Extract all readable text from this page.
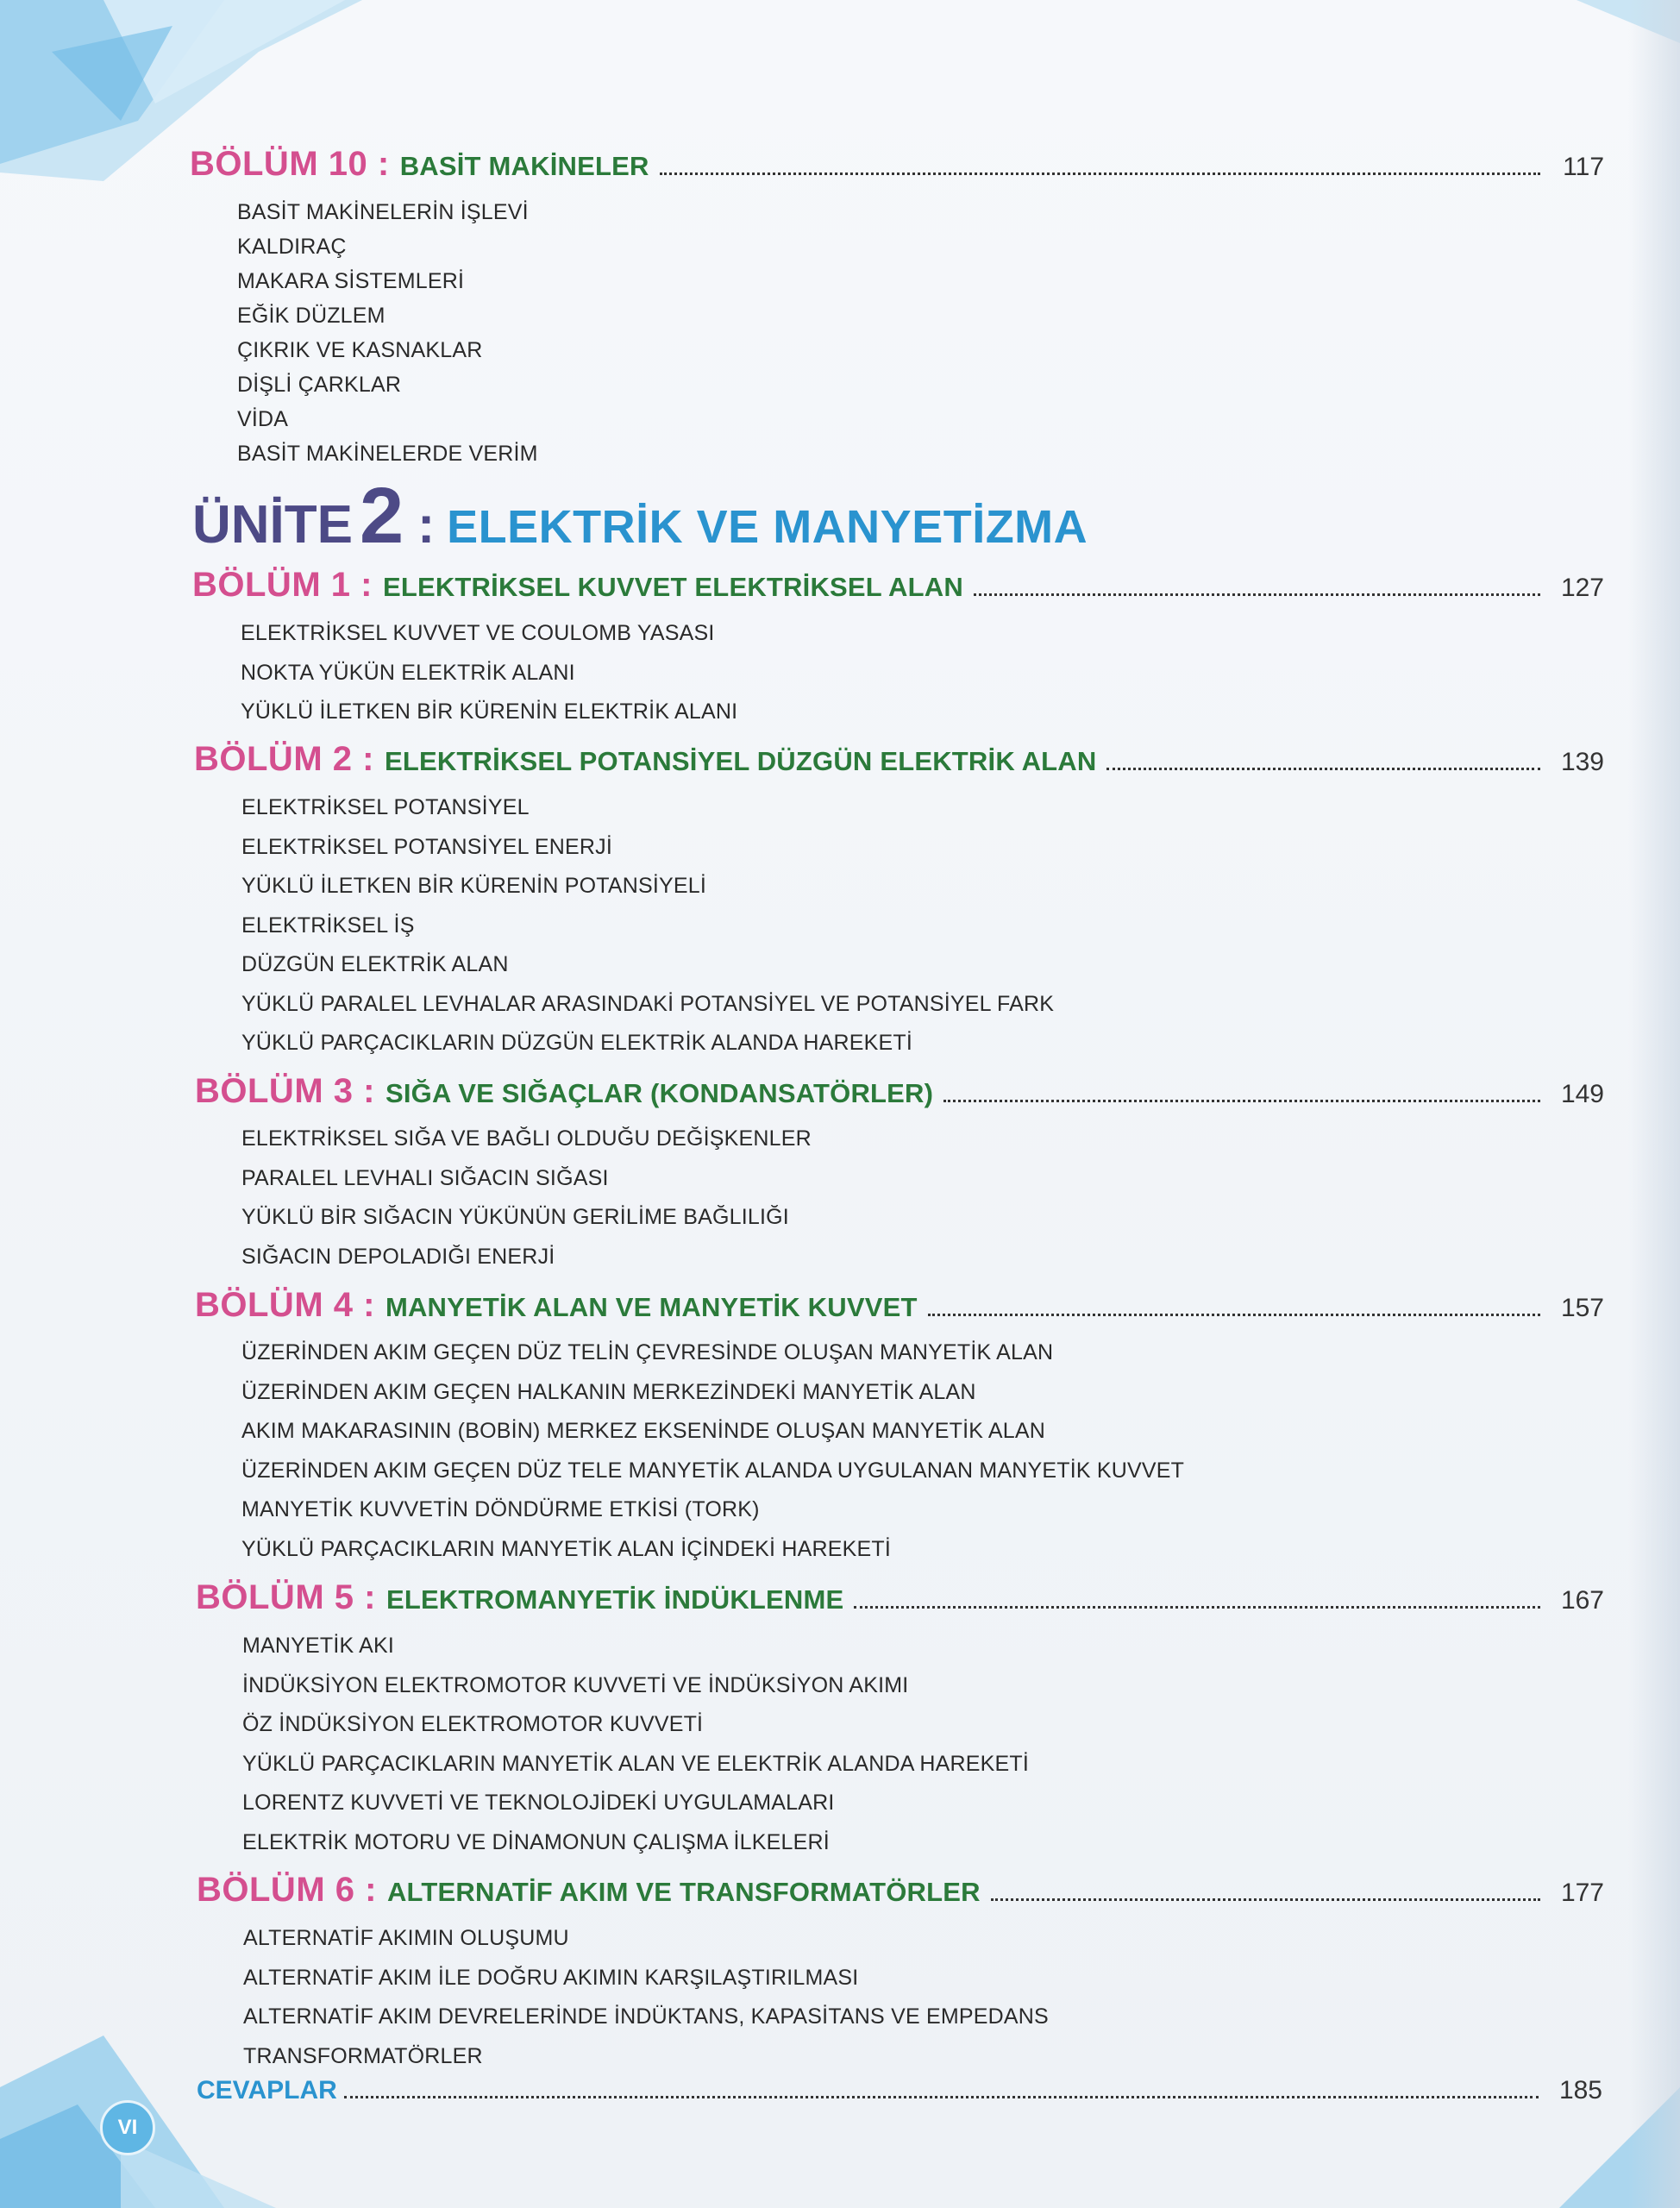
BÖLÜM 10 : BASİT MAKİNELER	117
BASİT MAKİNELERİN İŞLEVİ
KALDIRAÇ
MAKARA SİSTEMLERİ
EĞİK DÜZLEM
ÇIKRIK VE KASNAKLAR
DİŞLİ ÇARKLAR
VİDA
BASİT MAKİNELERDE VERİM
ÜNİTE 2 : ELEKTRİK VE MANYETİZMA
BÖLÜM 1 : ELEKTRİKSEL KUVVET ELEKTRİKSEL ALAN	127
ELEKTRİKSEL KUVVET VE COULOMB YASASI
NOKTA YÜKÜN ELEKTRİK ALANI
YÜKLÜ İLETKEN BİR KÜRENİN ELEKTRİK ALANI
BÖLÜM 2 : ELEKTRİKSEL POTANSİYEL DÜZGÜN ELEKTRİK ALAN	139
ELEKTRİKSEL POTANSİYEL
ELEKTRİKSEL POTANSİYEL ENERJİ
YÜKLÜ İLETKEN BİR KÜRENİN POTANSİYELİ
ELEKTRİKSEL İŞ
DÜZGÜN ELEKTRİK ALAN
YÜKLÜ PARALEL LEVHALAR ARASINDAKİ POTANSİYEL VE POTANSİYEL FARK
YÜKLÜ PARÇACIKLARIN DÜZGÜN ELEKTRİK ALANDA HAREKETİ
BÖLÜM 3 : SIĞA VE SIĞAÇLAR (KONDANSATÖRLER)	149
ELEKTRİKSEL SIĞA VE BAĞLI OLDUĞU DEĞİŞKENLER
PARALEL LEVHALI SIĞACIN SIĞASI
YÜKLÜ BİR SIĞACIN YÜKÜNÜN GERİLİME BAĞLILIĞI
SIĞACIN DEPOLADIĞI ENERJİ
BÖLÜM 4 : MANYETİK ALAN VE MANYETİK KUVVET	157
ÜZERİNDEN AKIM GEÇEN DÜZ TELİN ÇEVRESİNDE OLUŞAN MANYETİK ALAN
ÜZERİNDEN AKIM GEÇEN HALKANIN MERKEZİNDEKİ MANYETİK ALAN
AKIM MAKARASININ (BOBİN) MERKEZ EKSENİNDE OLUŞAN MANYETİK ALAN
ÜZERİNDEN AKIM GEÇEN DÜZ TELE MANYETİK ALANDA UYGULANAN MANYETİK KUVVET
MANYETİK KUVVETİN DÖNDÜRME ETKİSİ (TORK)
YÜKLÜ PARÇACIKLARIN MANYETİK ALAN İÇİNDEKİ HAREKETİ
BÖLÜM 5 : ELEKTROMANYETİK İNDÜKLENME	167
MANYETİK AKI
İNDÜKSİYON ELEKTROMOTOR KUVVETİ VE İNDÜKSİYON AKIMI
ÖZ İNDÜKSİYON ELEKTROMOTOR KUVVETİ
YÜKLÜ PARÇACIKLARIN MANYETİK ALAN VE ELEKTRİK ALANDA HAREKETİ
LORENTZ KUVVETİ VE TEKNOLOJİDEKİ UYGULAMALARI
ELEKTRİK MOTORU VE DİNAMONUN ÇALIŞMA İLKELERİ
BÖLÜM 6 : ALTERNATİF AKIM VE TRANSFORMATÖRLER	177
ALTERNATİF AKIMIN OLUŞUMU
ALTERNATİF AKIM İLE DOĞRU AKIMIN KARŞILAŞTIRILMASI
ALTERNATİF AKIM DEVRELERİNDE İNDÜKTANS, KAPASİTANS VE EMPEDANS
TRANSFORMATÖRLER
CEVAPLAR	185
VI
